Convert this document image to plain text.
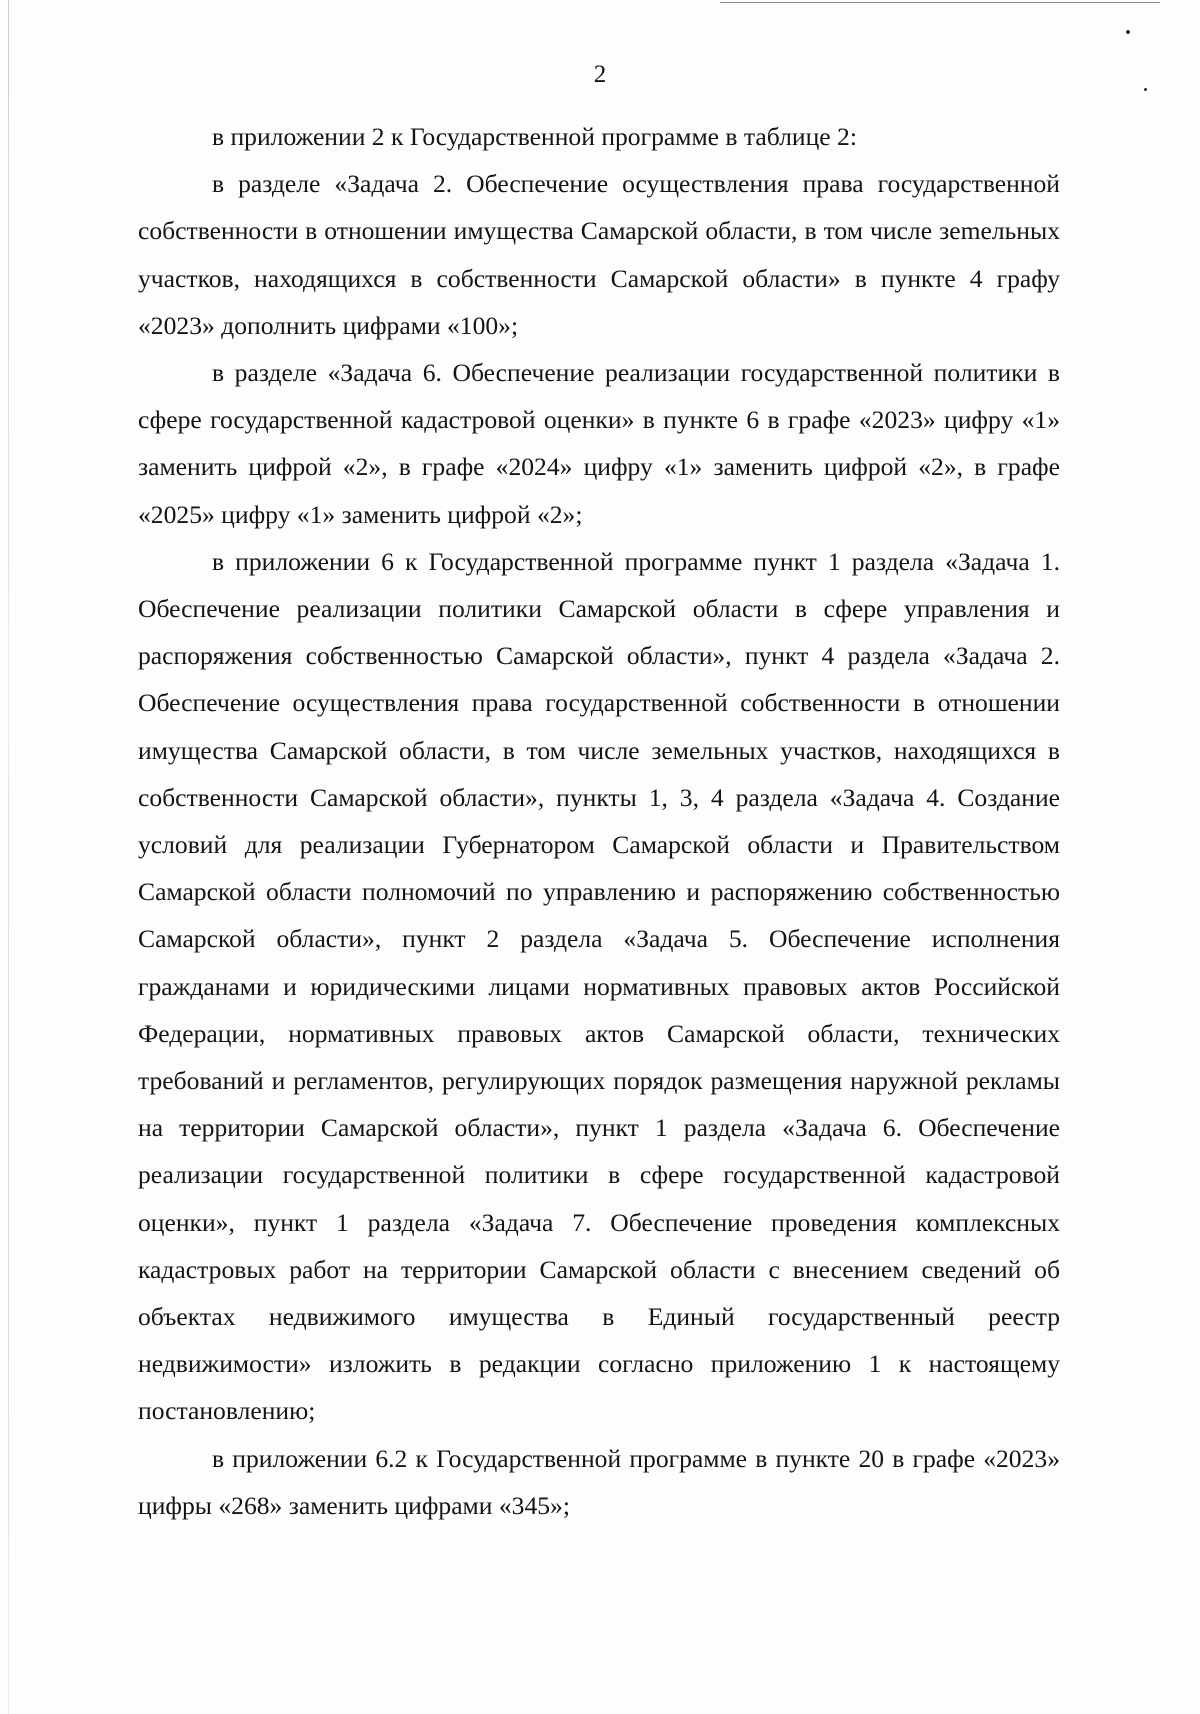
2

в приложении 2 к Государственной программе в таблице 2:

в разделе «Задача 2. Обеспечение осуществления права государственной собственности в отношении имущества Самарской области, в том числе зеmельных участков, находящихся в собственности Самарской области» в пункте 4 графу «2023» дополнить цифрами «100»;

в разделе «Задача 6. Обеспечение реализации государственной политики в сфере государственной кадастровой оценки» в пункте 6 в графе «2023» цифру «1» заменить цифрой «2», в графе «2024» цифру «1» заменить цифрой «2», в графе «2025» цифру «1» заменить цифрой «2»;

в приложении 6 к Государственной программе пункт 1 раздела «Задача 1. Обеспечение реализации политики Самарской области в сфере управления и распоряжения собственностью Самарской области», пункт 4 раздела «Задача 2. Обеспечение осуществления права государственной собственности в отношении имущества Самарской области, в том числе земельных участков, находящихся в собственности Самарской области», пункты 1, 3, 4 раздела «Задача 4. Создание условий для реализации Губернатором Самарской области и Правительством Самарской области полномочий по управлению и распоряжению собственностью Самарской области», пункт 2 раздела «Задача 5. Обеспечение исполнения гражданами и юридическими лицами нормативных правовых актов Российской Федерации, нормативных правовых актов Самарской области, технических требований и регламентов, регулирующих порядок размещения наружной рекламы на территории Самарской области», пункт 1 раздела «Задача 6. Обеспечение реализации государственной политики в сфере государственной кадастровой оценки», пункт 1 раздела «Задача 7. Обеспечение проведения комплексных кадастровых работ на территории Самарской области с внесением сведений об объектах недвижимого имущества в Единый государственный реестр недвижимости» изложить в редакции согласно приложению 1 к настоящему постановлению;

в приложении 6.2 к Государственной программе в пункте 20 в графе «2023» цифры «268» заменить цифрами «345»;
